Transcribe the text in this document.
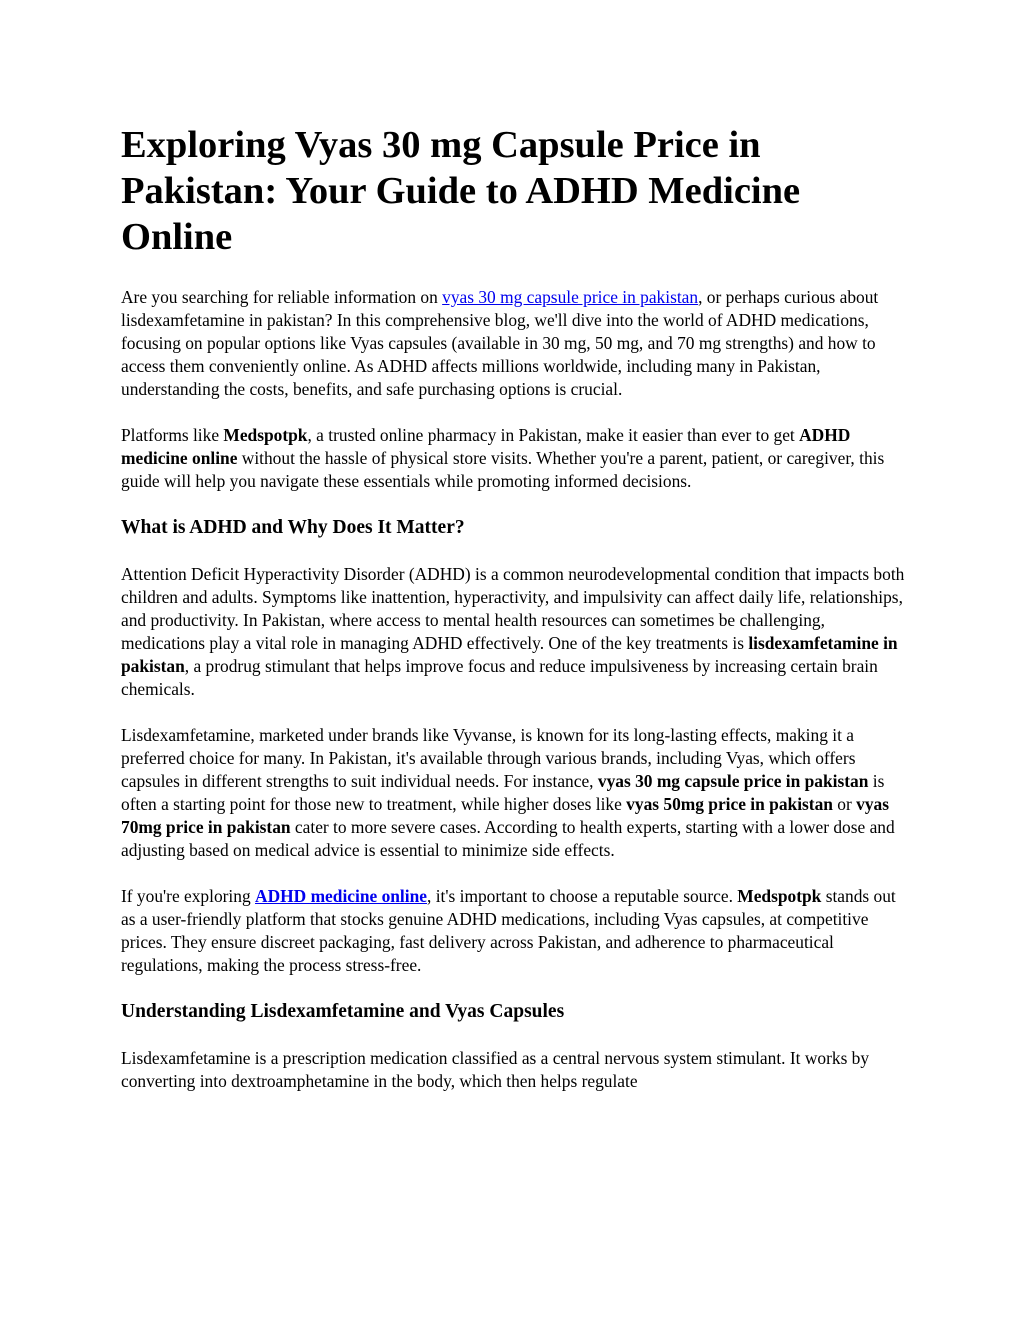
Exploring Vyas 30 mg Capsule Price in Pakistan: Your Guide to ADHD Medicine Online

Are you searching for reliable information on vyas 30 mg capsule price in pakistan, or perhaps curious about lisdexamfetamine in pakistan? In this comprehensive blog, we'll dive into the world of ADHD medications, focusing on popular options like Vyas capsules (available in 30 mg, 50 mg, and 70 mg strengths) and how to access them conveniently online. As ADHD affects millions worldwide, including many in Pakistan, understanding the costs, benefits, and safe purchasing options is crucial.

Platforms like Medspotpk, a trusted online pharmacy in Pakistan, make it easier than ever to get ADHD medicine online without the hassle of physical store visits. Whether you're a parent, patient, or caregiver, this guide will help you navigate these essentials while promoting informed decisions.

What is ADHD and Why Does It Matter?

Attention Deficit Hyperactivity Disorder (ADHD) is a common neurodevelopmental condition that impacts both children and adults. Symptoms like inattention, hyperactivity, and impulsivity can affect daily life, relationships, and productivity. In Pakistan, where access to mental health resources can sometimes be challenging, medications play a vital role in managing ADHD effectively. One of the key treatments is lisdexamfetamine in pakistan, a prodrug stimulant that helps improve focus and reduce impulsiveness by increasing certain brain chemicals.

Lisdexamfetamine, marketed under brands like Vyvanse, is known for its long-lasting effects, making it a preferred choice for many. In Pakistan, it's available through various brands, including Vyas, which offers capsules in different strengths to suit individual needs. For instance, vyas 30 mg capsule price in pakistan is often a starting point for those new to treatment, while higher doses like vyas 50mg price in pakistan or vyas 70mg price in pakistan cater to more severe cases. According to health experts, starting with a lower dose and adjusting based on medical advice is essential to minimize side effects.

If you're exploring ADHD medicine online, it's important to choose a reputable source. Medspotpk stands out as a user-friendly platform that stocks genuine ADHD medications, including Vyas capsules, at competitive prices. They ensure discreet packaging, fast delivery across Pakistan, and adherence to pharmaceutical regulations, making the process stress-free.

Understanding Lisdexamfetamine and Vyas Capsules

Lisdexamfetamine is a prescription medication classified as a central nervous system stimulant. It works by converting into dextroamphetamine in the body, which then helps regulate
